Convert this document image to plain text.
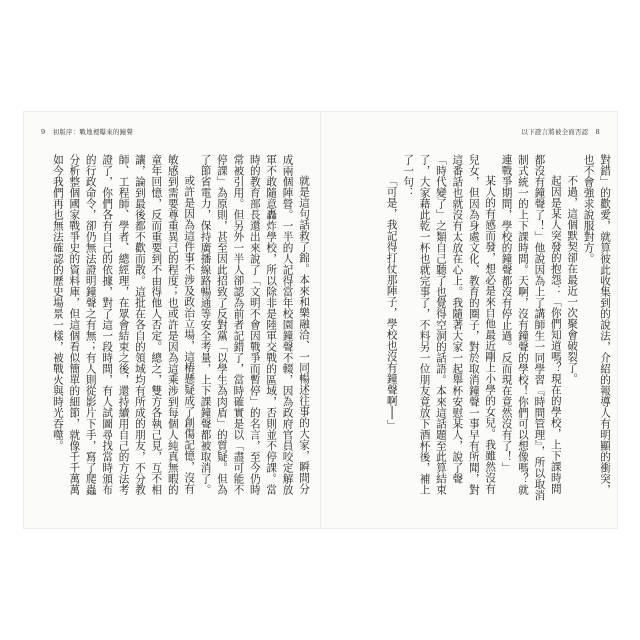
9 初版序：戰地裡曝來的鐘聲

就是這句話救了錦。本來和樂融洽、一同暢述往事的大家，瞬間分成兩個陣營。一半的人記得當年校園鐘聲不輟，因為政府官員咬定解放軍不敢隨意轟炸學校，所以除非是陸軍交戰的區域，否則並不停課。當時的教育部長還出來說了「文明不會因戰爭而暫停」的名言，至今仍時常被引用。但另外一半人卻認為前者記錯了，當時確實是以「盡可能不停課」為原則，甚至因此招致了反對黨「以學生為肉盾」的質疑。但為了節省電力，保持廣播線路暢通等安全考量，上下課鐘聲都被取消了。

或許是因為這件事不涉及政治立場，這樁懸疑成了創傷記憶，沒有敏感到需要尊重異己的程度；也或許是因為這乘涉到每個人純真無暇的童年回憶，反而重要到不由得他人否定。總之，雙方各執己見，互不相讓，論到最後都不歡而散。這批在各自的領域均有所成的朋友，不分教師、工程師、學者、總經理，在眾會結束之後，還持續用自己的方法考證了，你們各有自己的依據，對了這一段時間，有人試圖尋找當時頒布的行政命令，卻仍無法證明鐘聲之有無；有人則從影片下手，寫了爬蟲分析整個國家戰爭史的資料庫，但這個看似簡單的細節，就像千千萬萬如今我們再也無法確認的歷史場景一樣，被戰火與時光吞噬。

以下證言將被全面否認 8

對錯」的歡愛，就算彼此收集到的說法，介紹的報導人有明顯的衝突，也不會強求說服對方。

不過，這個默契卻在最近一次聚會破裂了。

起因是某人突發的抱怨：「你們知道嗎？現在的學校，上下課時間都沒有鐘聲了！」他說因為上了講師生一同學習『時間管理』，所以取消制式統一的上下課時間。天啊，沒有鐘聲的學校！你們可以想像嗎？就連戰爭期間，學校的鐘聲都沒有停止過。反而現在竟然沒有了！」

某人的有感而發，想必是來自他最近剛上小學的女兒。我雖然沒有兒女，但因為身處文化、教育的圈子，對於取消鐘聲一事早有所聞，對這番話也就沒有太放在心上。我隨著大家一起舉杯安慰某人，說了聲「時代變了」之類自己聽了也覺得空洞的話語。本來這話題至此算結束了，大家藉此乾一杯也就完事了，不料另一位朋友竟放下酒杯後，補上了一句：

「可是，我記得打仗那陣子，學校也沒有鐘聲啊──」
